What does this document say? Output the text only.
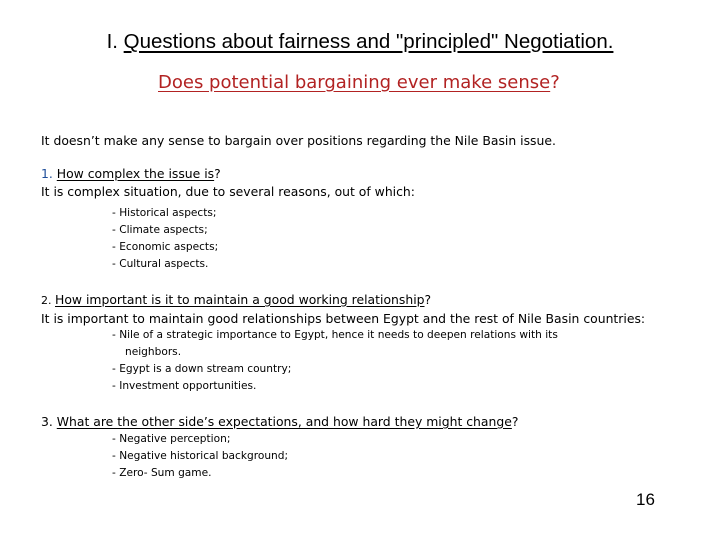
I. Questions about fairness and "principled" Negotiation.
Does potential bargaining ever make sense?
It doesn’t make any sense to bargain over positions regarding the Nile Basin issue.
1. How complex the issue is?
It is complex situation, due to several reasons, out of which:
- Historical aspects;
- Climate aspects;
- Economic aspects;
- Cultural aspects.
2. How important is it to maintain a good working relationship?
It is important to maintain good relationships between Egypt and the rest of Nile Basin countries:
- Nile of a strategic importance to Egypt, hence it needs to deepen relations with its
neighbors.
- Egypt is a down stream country;
- Investment opportunities.
3. What are the other side’s expectations, and how hard they might change?
- Negative perception;
- Negative historical background;
- Zero- Sum game.
16
